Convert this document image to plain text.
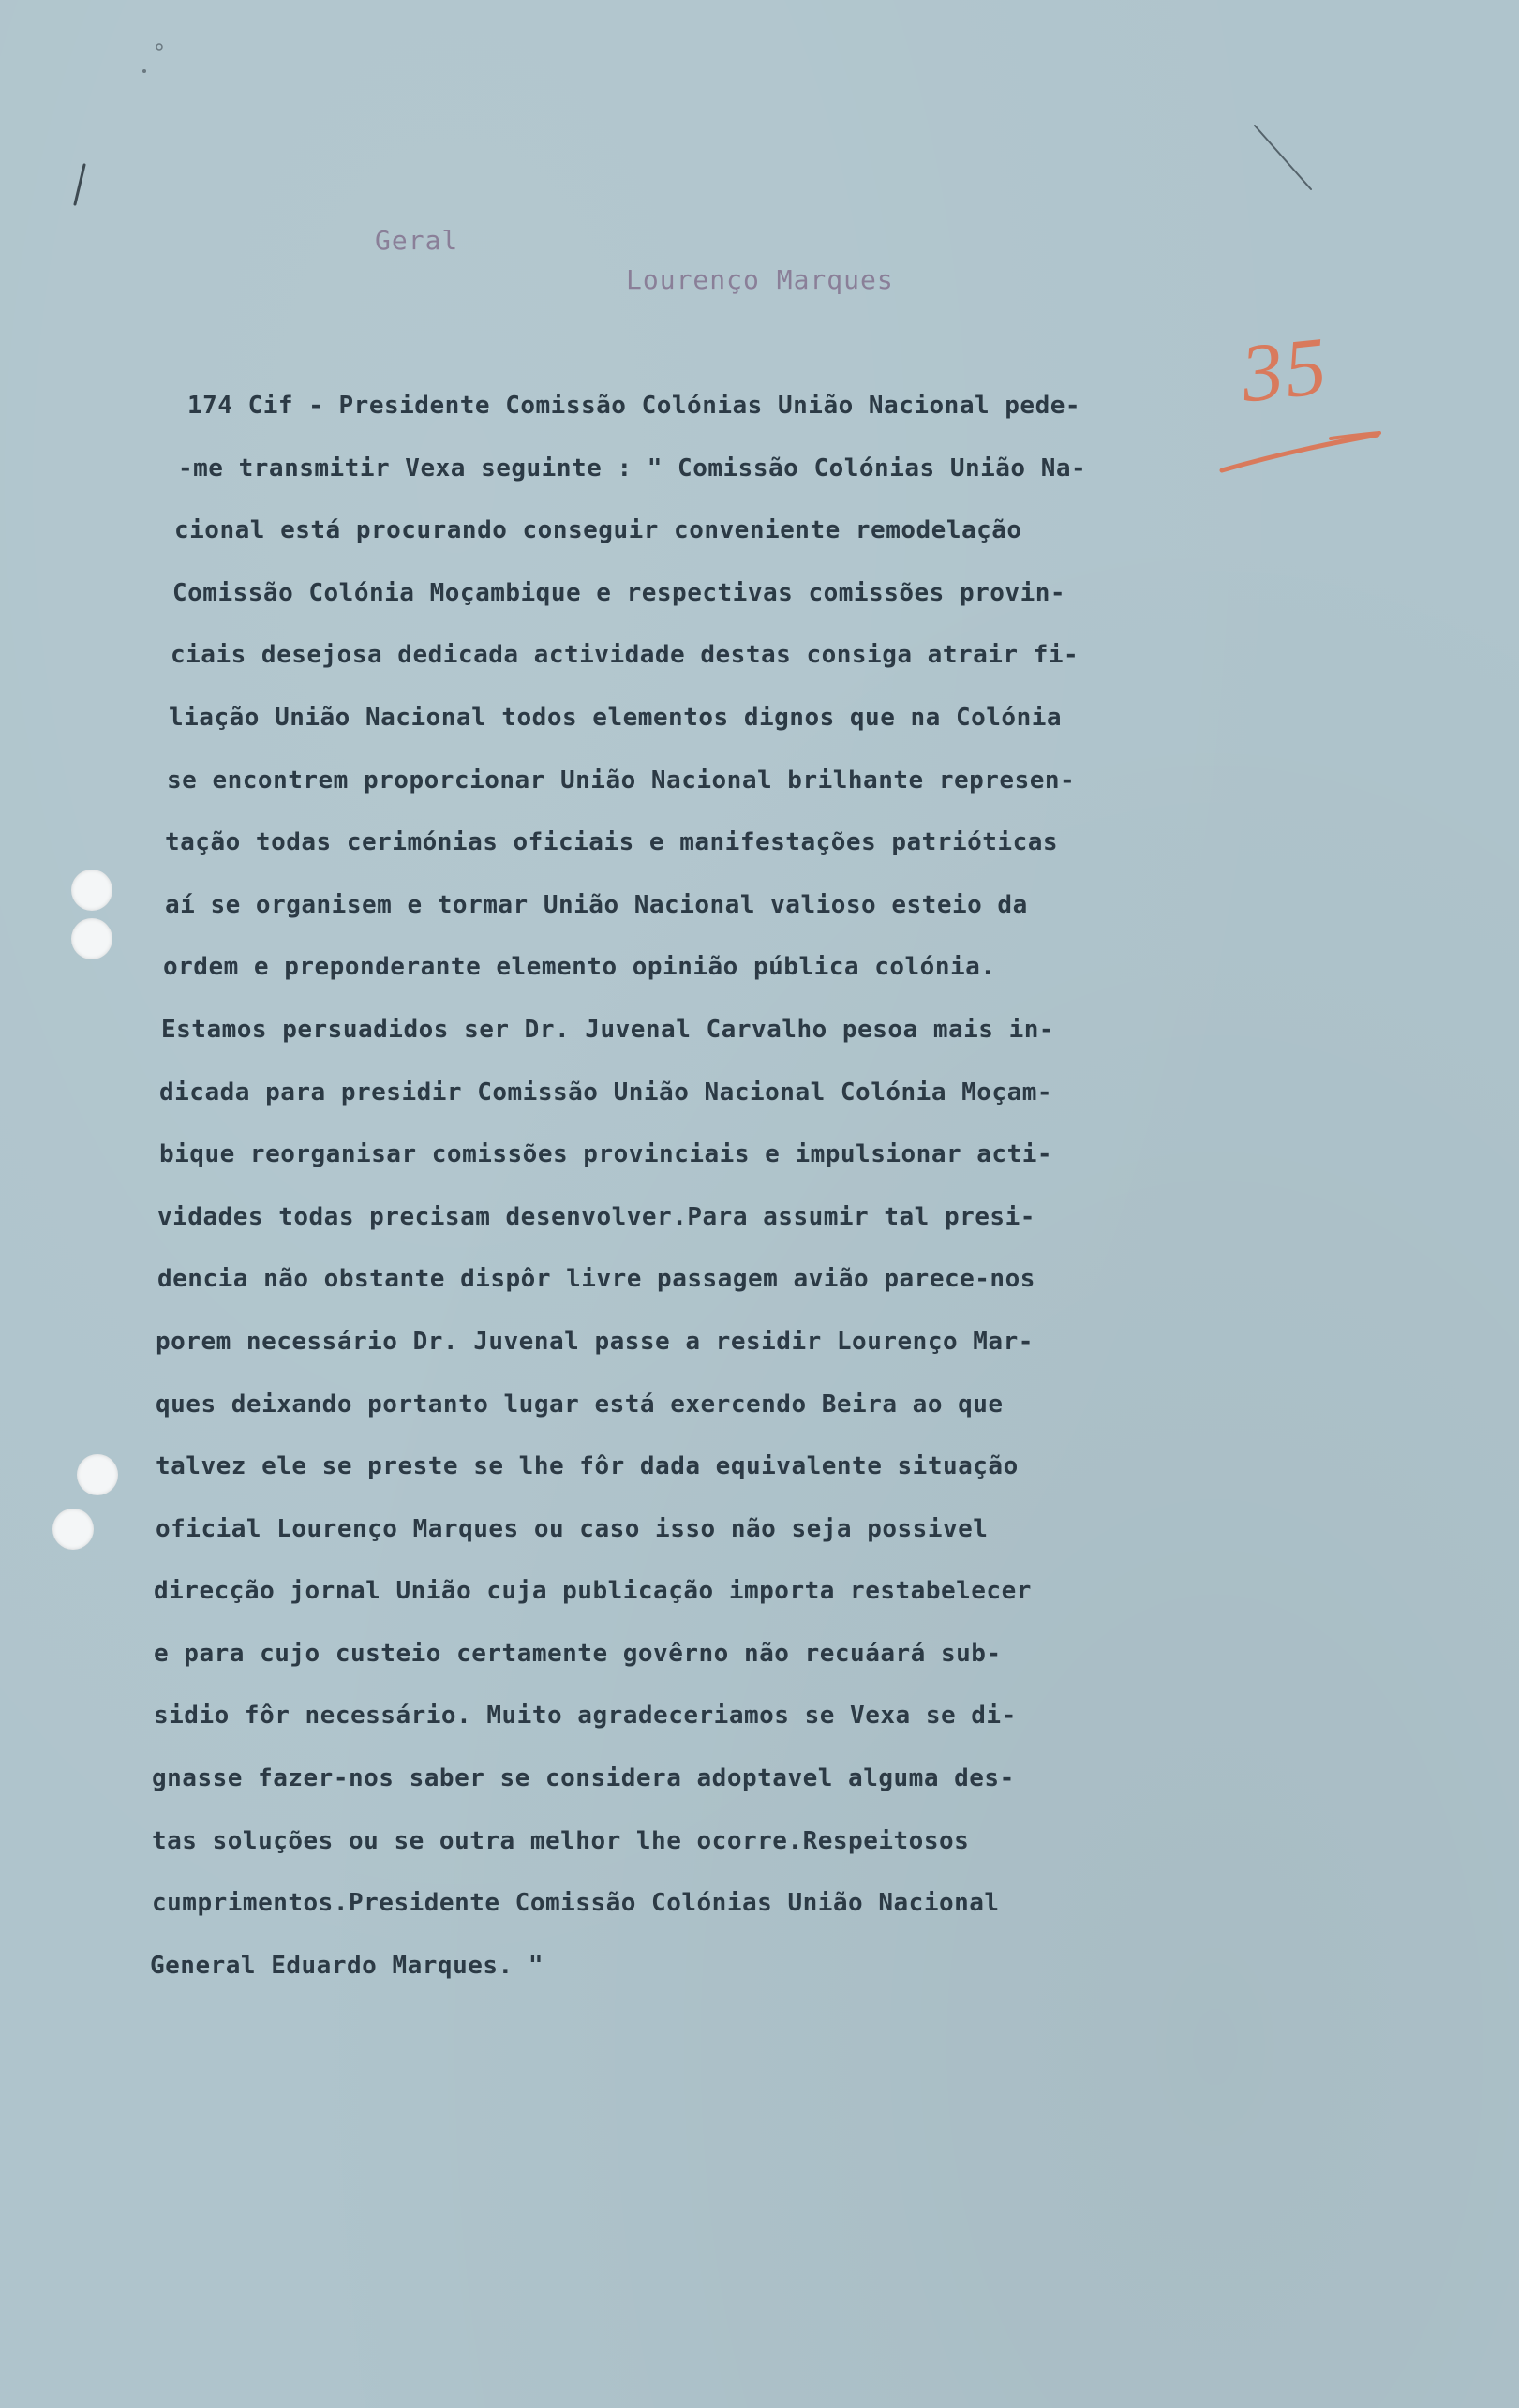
Geral
Lourenço Marques
35
174 Cif - Presidente Comissão Colónias União Nacional pede-
-me transmitir Vexa seguinte : " Comissão Colónias União Na-
cional está procurando conseguir conveniente remodelação
Comissão Colónia Moçambique e respectivas comissões provin-
ciais desejosa dedicada actividade destas consiga atrair fi-
liação União Nacional todos elementos dignos que na Colónia
se encontrem proporcionar União Nacional brilhante represen-
tação todas cerimónias oficiais e manifestações patrióticas
aí se organisem e tormar União Nacional valioso esteio da
ordem e preponderante elemento opinião pública colónia.
Estamos persuadidos ser Dr. Juvenal Carvalho pesoa mais in-
dicada para presidir Comissão União Nacional Colónia Moçam-
bique reorganisar comissões provinciais e impulsionar acti-
vidades todas precisam desenvolver.Para assumir tal presi-
dencia não obstante dispôr livre passagem avião parece-nos
porem necessário Dr. Juvenal passe a residir Lourenço Mar-
ques deixando portanto lugar está exercendo Beira ao que
talvez ele se preste se lhe fôr dada equivalente situação
oficial Lourenço Marques ou caso isso não seja possivel
direcção jornal União cuja publicação importa restabelecer
e para cujo custeio certamente govêrno não recuáará sub-
sidio fôr necessário. Muito agradeceriamos se Vexa se di-
gnasse fazer-nos saber se considera adoptavel alguma des-
tas soluções ou se outra melhor lhe ocorre.Respeitosos
cumprimentos.Presidente Comissão Colónias União Nacional
General Eduardo Marques. "
